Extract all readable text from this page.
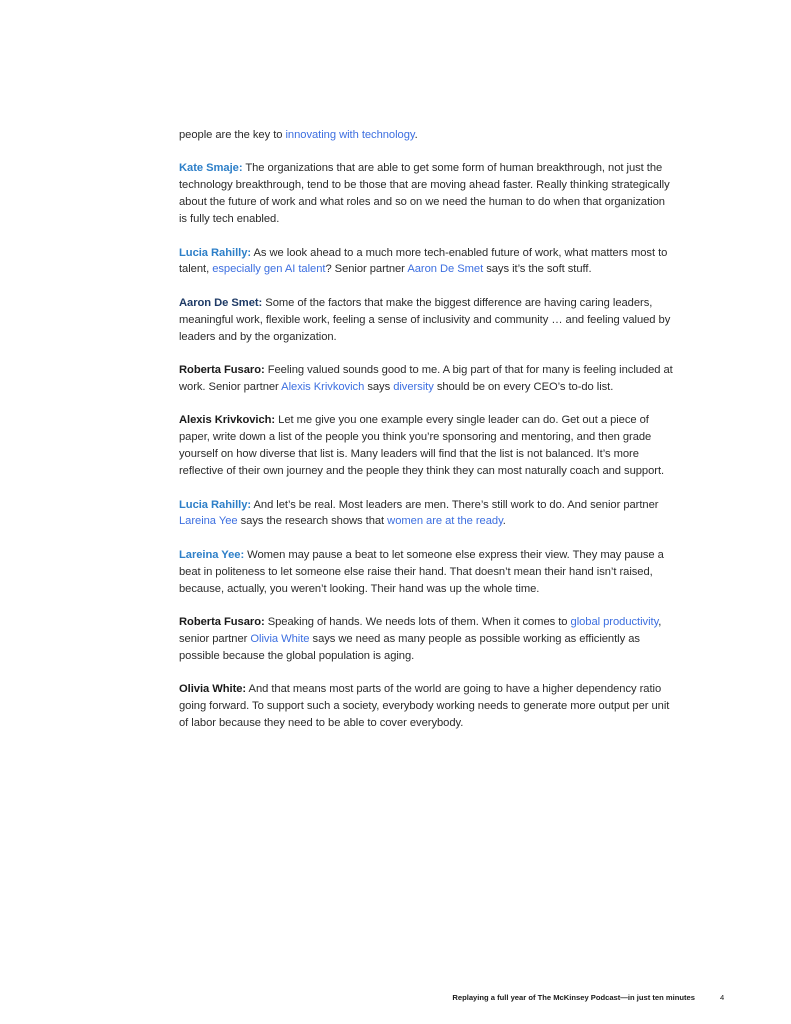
people are the key to innovating with technology.

Kate Smaje: The organizations that are able to get some form of human breakthrough, not just the technology breakthrough, tend to be those that are moving ahead faster. Really thinking strategically about the future of work and what roles and so on we need the human to do when that organization is fully tech enabled.

Lucia Rahilly: As we look ahead to a much more tech-enabled future of work, what matters most to talent, especially gen AI talent? Senior partner Aaron De Smet says it’s the soft stuff.

Aaron De Smet: Some of the factors that make the biggest difference are having caring leaders, meaningful work, flexible work, feeling a sense of inclusivity and community … and feeling valued by leaders and by the organization.

Roberta Fusaro: Feeling valued sounds good to me. A big part of that for many is feeling included at work. Senior partner Alexis Krivkovich says diversity should be on every CEO’s to-do list.

Alexis Krivkovich: Let me give you one example every single leader can do. Get out a piece of paper, write down a list of the people you think you’re sponsoring and mentoring, and then grade yourself on how diverse that list is. Many leaders will find that the list is not balanced. It’s more reflective of their own journey and the people they think they can most naturally coach and support.

Lucia Rahilly: And let’s be real. Most leaders are men. There’s still work to do. And senior partner Lareina Yee says the research shows that women are at the ready.

Lareina Yee: Women may pause a beat to let someone else express their view. They may pause a beat in politeness to let someone else raise their hand. That doesn’t mean their hand isn’t raised, because, actually, you weren’t looking. Their hand was up the whole time.

Roberta Fusaro: Speaking of hands. We needs lots of them. When it comes to global productivity, senior partner Olivia White says we need as many people as possible working as efficiently as possible because the global population is aging.

Olivia White: And that means most parts of the world are going to have a higher dependency ratio going forward. To support such a society, everybody working needs to generate more output per unit of labor because they need to be able to cover everybody.

Replaying a full year of The McKinsey Podcast—in just ten minutes	4
